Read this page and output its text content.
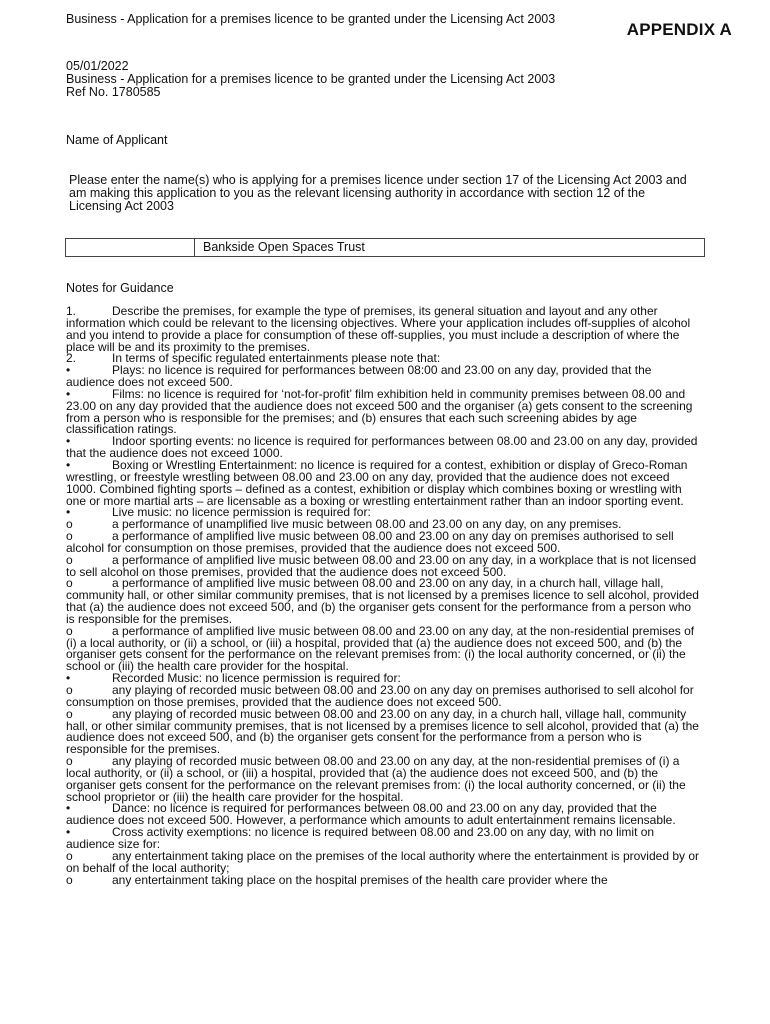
Business - Application for a premises licence to be granted under the Licensing Act 2003
APPENDIX A
05/01/2022
Business - Application for a premises licence to be granted under the Licensing Act 2003
Ref No. 1780585
Name of Applicant
Please enter the name(s) who is applying for a premises licence under section 17 of the Licensing Act 2003 and am making this application to you as the relevant licensing authority in accordance with section 12 of the Licensing Act 2003
Bankside Open Spaces Trust
Notes for Guidance

1.	Describe the premises, for example the type of premises, its general situation and layout and any other information which could be relevant to the licensing objectives. Where your application includes off-supplies of alcohol and you intend to provide a place for consumption of these off-supplies, you must include a description of where the place will be and its proximity to the premises.

2.	In terms of specific regulated entertainments please note that:

•	Plays: no licence is required for performances between 08:00 and 23.00 on any day, provided that the audience does not exceed 500.

•	Films: no licence is required for ‘not-for-profit’ film exhibition held in community premises between 08.00 and 23.00 on any day provided that the audience does not exceed 500 and the organiser (a) gets consent to the screening from a person who is responsible for the premises; and (b) ensures that each such screening abides by age classification ratings.

•	Indoor sporting events: no licence is required for performances between 08.00 and 23.00 on any day, provided that the audience does not exceed 1000.

•	Boxing or Wrestling Entertainment: no licence is required for a contest, exhibition or display of Greco-Roman wrestling, or freestyle wrestling between 08.00 and 23.00 on any day, provided that the audience does not exceed 1000. Combined fighting sports – defined as a contest, exhibition or display which combines boxing or wrestling with one or more martial arts – are licensable as a boxing or wrestling entertainment rather than an indoor sporting event.

•	Live music: no licence permission is required for:

o	a performance of unamplified live music between 08.00 and 23.00 on any day, on any premises.

o	a performance of amplified live music between 08.00 and 23.00 on any day on premises authorised to sell alcohol for consumption on those premises, provided that the audience does not exceed 500.

o	a performance of amplified live music between 08.00 and 23.00 on any day, in a workplace that is not licensed to sell alcohol on those premises, provided that the audience does not exceed 500.

o	a performance of amplified live music between 08.00 and 23.00 on any day, in a church hall, village hall, community hall, or other similar community premises, that is not licensed by a premises licence to sell alcohol, provided that (a) the audience does not exceed 500, and (b) the organiser gets consent for the performance from a person who is responsible for the premises.

o	a performance of amplified live music between 08.00 and 23.00 on any day, at the non-residential premises of (i) a local authority, or (ii) a school, or (iii) a hospital, provided that (a) the audience does not exceed 500, and (b) the organiser gets consent for the performance on the relevant premises from: (i) the local authority concerned, or (ii) the school or (iii) the health care provider for the hospital.

•	Recorded Music: no licence permission is required for:

o	any playing of recorded music between 08.00 and 23.00 on any day on premises authorised to sell alcohol for consumption on those premises, provided that the audience does not exceed 500.

o	any playing of recorded music between 08.00 and 23.00 on any day, in a church hall, village hall, community hall, or other similar community premises, that is not licensed by a premises licence to sell alcohol, provided that (a) the audience does not exceed 500, and (b) the organiser gets consent for the performance from a person who is responsible for the premises.

o	any playing of recorded music between 08.00 and 23.00 on any day, at the non-residential premises of (i) a local authority, or (ii) a school, or (iii) a hospital, provided that (a) the audience does not exceed 500, and (b) the organiser gets consent for the performance on the relevant premises from: (i) the local authority concerned, or (ii) the school proprietor or (iii) the health care provider for the hospital.

•	Dance: no licence is required for performances between 08.00 and 23.00 on any day, provided that the audience does not exceed 500. However, a performance which amounts to adult entertainment remains licensable.

•	Cross activity exemptions: no licence is required between 08.00 and 23.00 on any day, with no limit on audience size for:

o	any entertainment taking place on the premises of the local authority where the entertainment is provided by or on behalf of the local authority;

o	any entertainment taking place on the hospital premises of the health care provider where the
